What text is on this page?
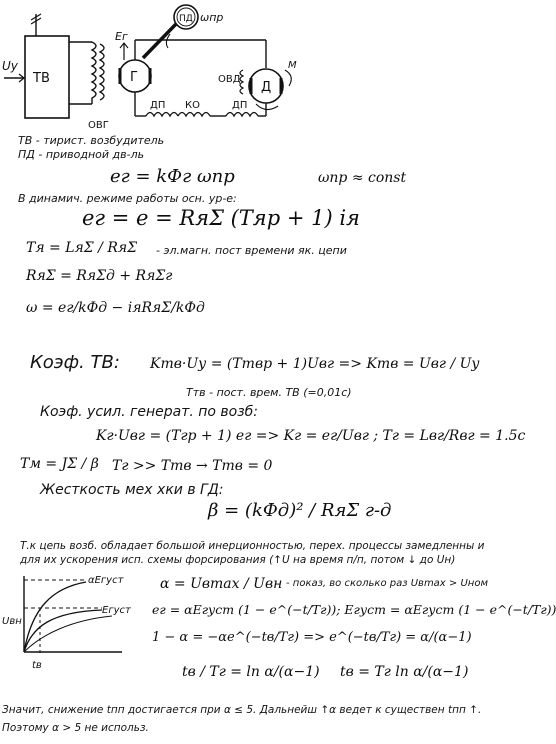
Uу
ТВ
Eг
ПД ωпр
Г	ОВД
Д
M
ОВГ
ДП КО	ДП
ТВ - тирист. возбудитель
ПД - приводной дв-ль
eг = kФг ωпр	ωпр ≈ const
В динамич. режиме работы осн. ур-е:
eг = e = RяΣ (Tяp + 1) iя
Tя = LяΣ / RяΣ - эл.магн. пост времени як. цепи
RяΣ = RяΣд + RяΣг
ω = eг/kФд − iяRяΣ/kФд
Коэф. ТВ: Kтв·Uу = (Tтвp + 1)Uвг => Kтв = Uвг / Uу
Tтв - пост. врем. ТВ (=0,01с)
Коэф. усил. генерат. по возб:
Kг·Uвг = (Tгp + 1) eг => Kг = eг/Uвг ; Tг = Lвг/Rвг = 1.5с
Tм = JΣ / β Tг >> Tтв → Tтв = 0
Жесткость мех хки в ГД:
β = (kФд)² / RяΣ г-д
Т.к цепь возб. обладает большой инерционностью, перех. процессы замедленны и
для их ускорения исп. схемы форсирования (↑U на время п/п, потом ↓ до Uн)
αEгуст
Eгуст
Uвн
tв
α = Uвmax / Uвн - показ, во сколько раз Uвmax > Uном
eг = αEгуст (1 − e^(−t/Tг)); Eгуст = αEгуст (1 − e^(−t/Tг))
1 − α = −αe^(−tв/Tг) => e^(−tв/Tг) = α/(α−1)
tв / Tг = ln α/(α−1) tв = Tг ln α/(α−1)
Значит, снижение tпп достигается при α ≤ 5. Дальнейш ↑α ведет к существен tпп ↑.
Поэтому α > 5 не использ.
